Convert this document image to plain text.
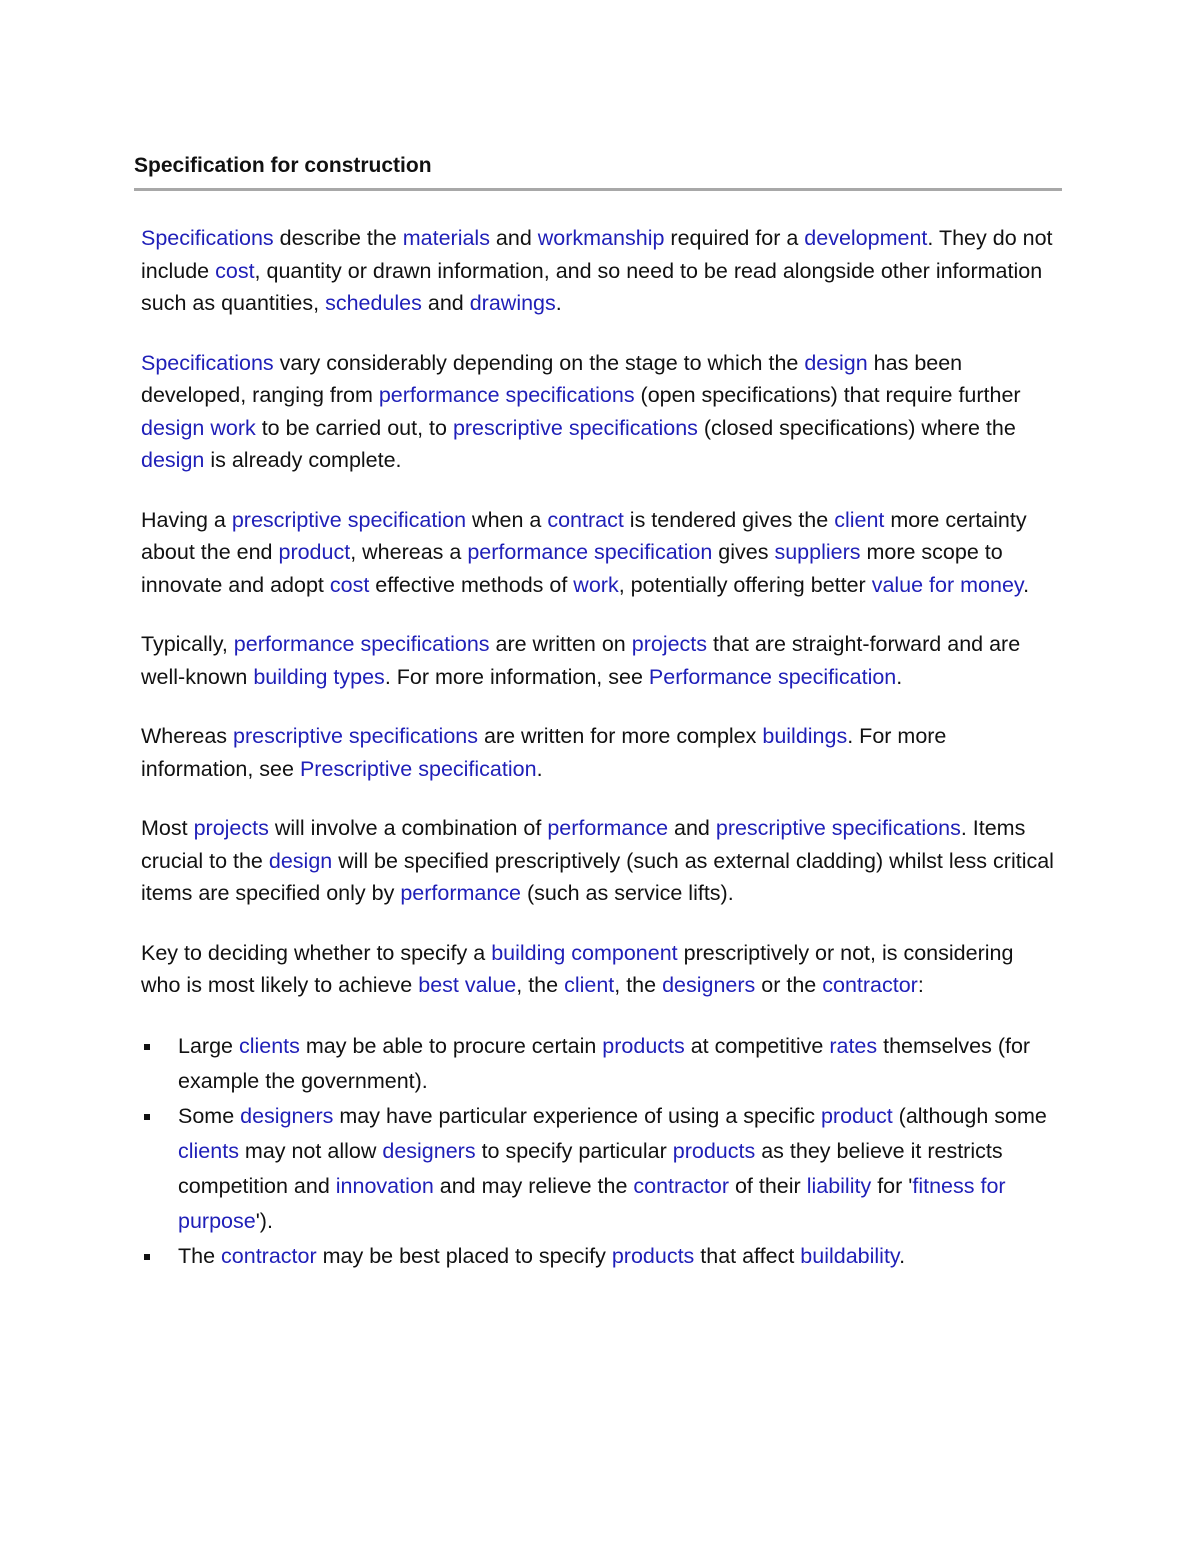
Specification for construction

Specifications describe the materials and workmanship required for a development. They do not include cost, quantity or drawn information, and so need to be read alongside other information such as quantities, schedules and drawings.

Specifications vary considerably depending on the stage to which the design has been developed, ranging from performance specifications (open specifications) that require further design work to be carried out, to prescriptive specifications (closed specifications) where the design is already complete.

Having a prescriptive specification when a contract is tendered gives the client more certainty about the end product, whereas a performance specification gives suppliers more scope to innovate and adopt cost effective methods of work, potentially offering better value for money.

Typically, performance specifications are written on projects that are straight-forward and are well-known building types. For more information, see Performance specification.

Whereas prescriptive specifications are written for more complex buildings. For more information, see Prescriptive specification.

Most projects will involve a combination of performance and prescriptive specifications. Items crucial to the design will be specified prescriptively (such as external cladding) whilst less critical items are specified only by performance (such as service lifts).

Key to deciding whether to specify a building component prescriptively or not, is considering who is most likely to achieve best value, the client, the designers or the contractor:

Large clients may be able to procure certain products at competitive rates themselves (for example the government).
Some designers may have particular experience of using a specific product (although some clients may not allow designers to specify particular products as they believe it restricts competition and innovation and may relieve the contractor of their liability for 'fitness for purpose').
The contractor may be best placed to specify products that affect buildability.
